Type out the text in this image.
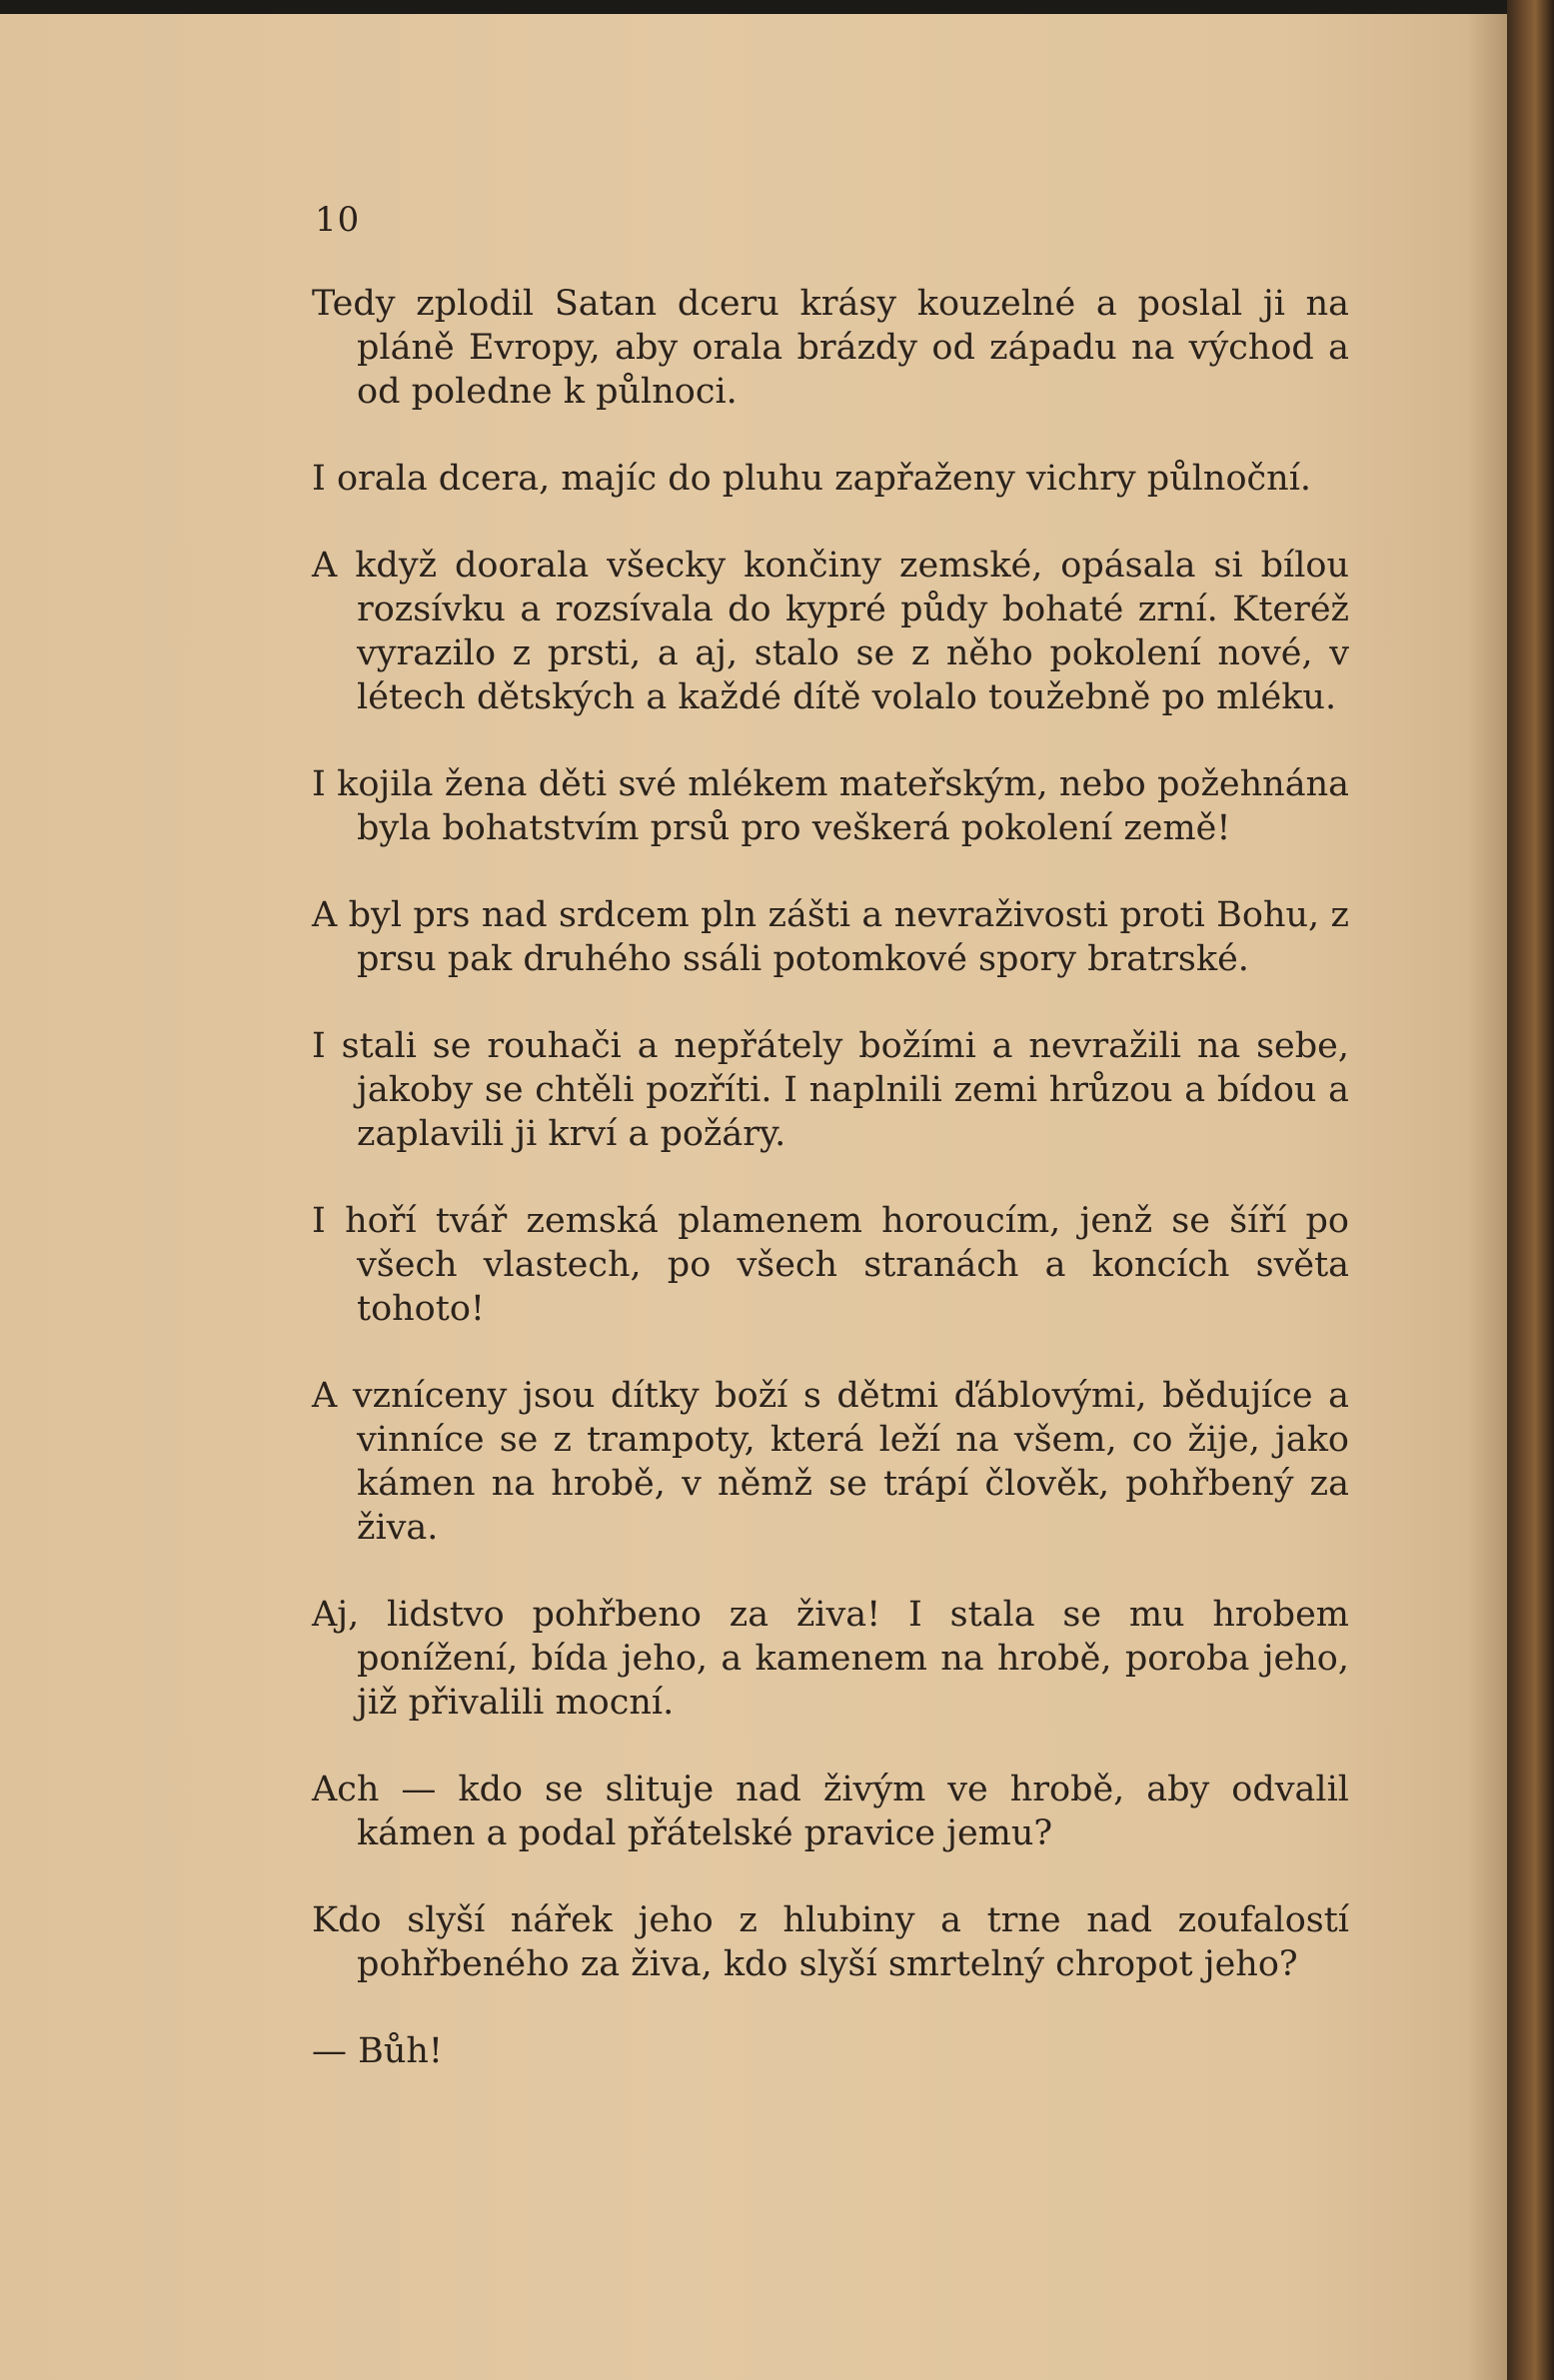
10

Tedy zplodil Satan dceru krásy kouzelné a poslal ji na pláně Evropy, aby orala brázdy od západu na východ a od poledne k půlnoci.

I orala dcera, majíc do pluhu zapřaženy vichry půlnoční.

A když doorala všecky končiny zemské, opásala si bílou rozsívku a rozsívala do kypré půdy bohaté zrní. Kteréž vyrazilo z prsti, a aj, stalo se z něho pokolení nové, v létech dětských a každé dítě volalo toužebně po mléku.

I kojila žena děti své mlékem mateřským, nebo požehnána byla bohatstvím prsů pro veškerá pokolení země!

A byl prs nad srdcem pln zášti a nevraživosti proti Bohu, z prsu pak druhého ssáli potomkové spory bratrské.

I stali se rouhači a nepřátely božími a nevražili na sebe, jakoby se chtěli pozříti. I naplnili zemi hrůzou a bídou a zaplavili ji krví a požáry.

I hoří tvář zemská plamenem horoucím, jenž se šíří po všech vlastech, po všech stranách a koncích světa tohoto!

A vzníceny jsou dítky boží s dětmi ďáblovými, bědujíce a vinníce se z trampoty, která leží na všem, co žije, jako kámen na hrobě, v němž se trápí člověk, pohřbený za živa.

Aj, lidstvo pohřbeno za živa! I stala se mu hrobem ponížení, bída jeho, a kamenem na hrobě, poroba jeho, již přivalili mocní.

Ach — kdo se slituje nad živým ve hrobě, aby odvalil kámen a podal přátelské pravice jemu?

Kdo slyší nářek jeho z hlubiny a trne nad zoufalostí pohřbeného za živa, kdo slyší smrtelný chropot jeho?

— Bůh!
